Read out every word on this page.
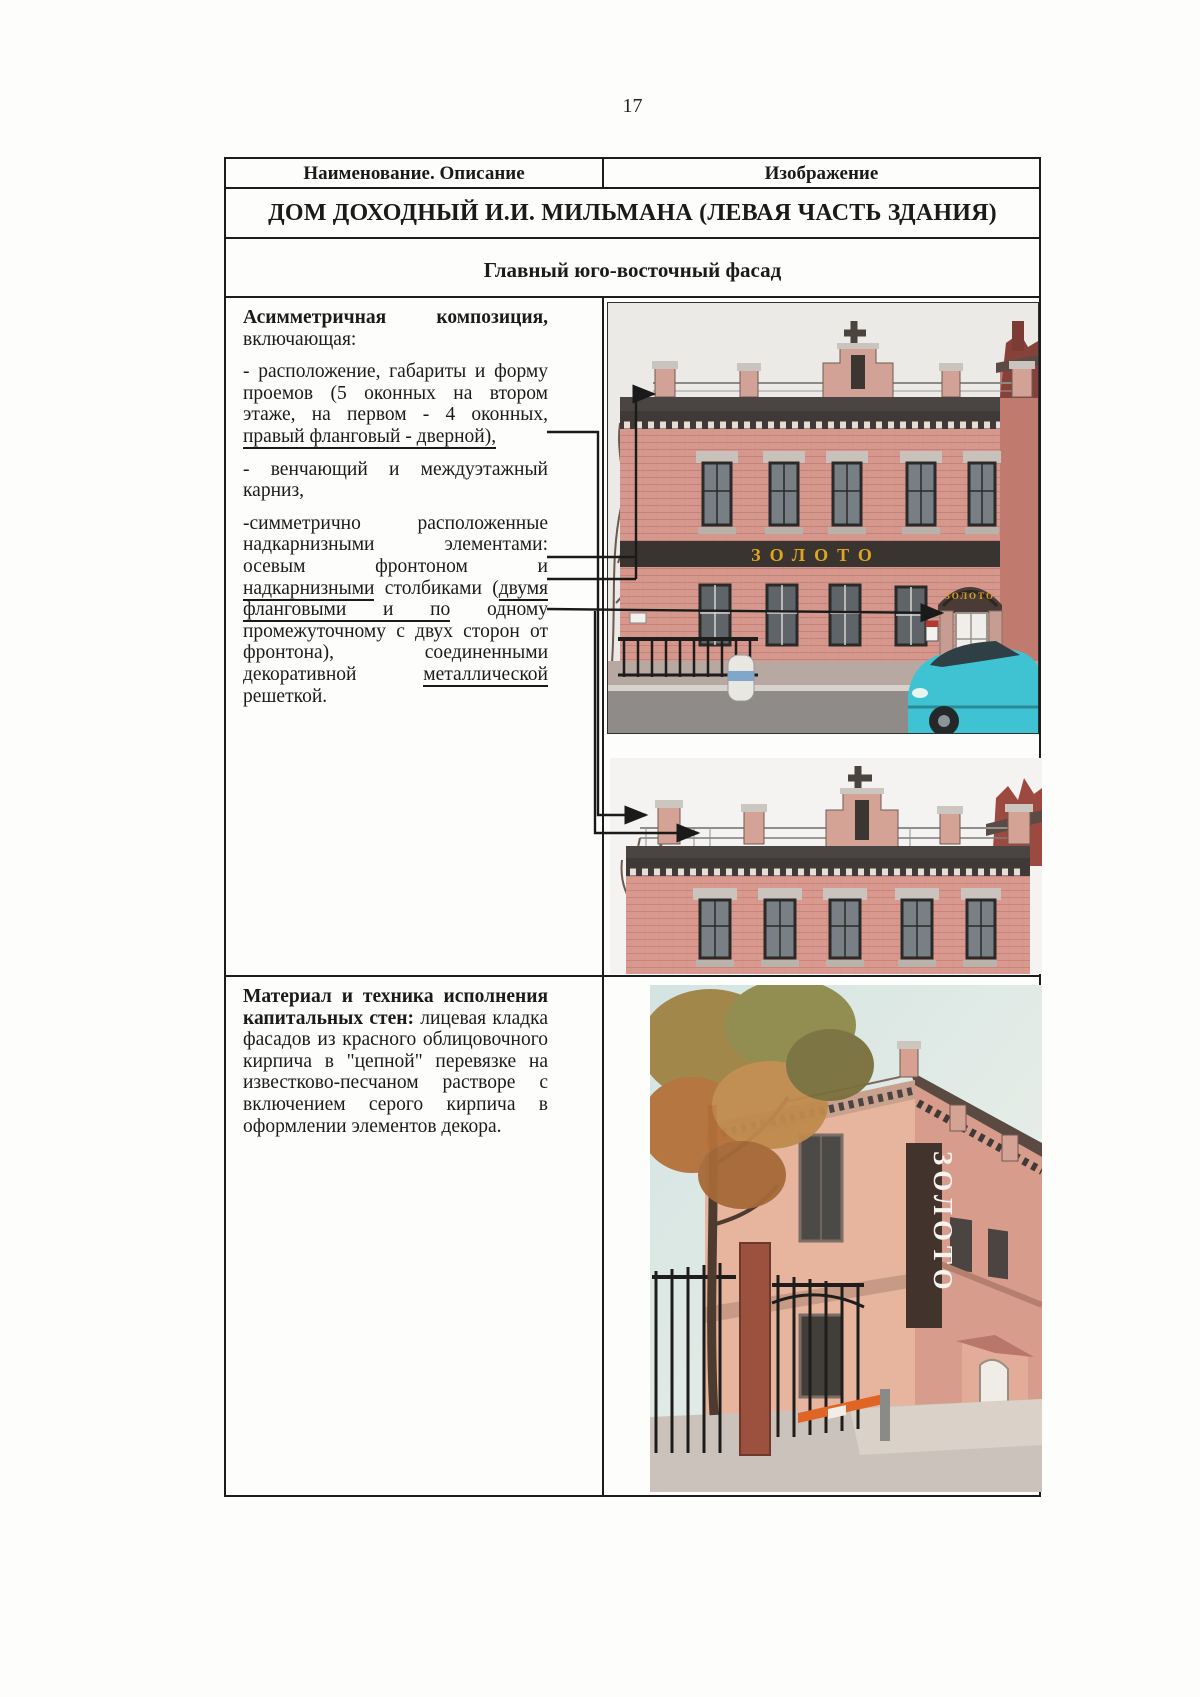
17
Наименование. Описание	Изображение
ДОМ ДОХОДНЫЙ И.И. МИЛЬМАНА (ЛЕВАЯ ЧАСТЬ ЗДАНИЯ)
Главный юго-восточный фасад

Асимметричная композиция, включающая:

- расположение, габариты и форму проемов (5 оконных на втором этаже, на первом - 4 оконных, правый фланговый - дверной),

- венчающий и междуэтажный карниз,

-симметрично расположенные надкарнизными элементами: осевым фронтоном и надкарнизными столбиками (двумя фланговыми и по одному промежуточному с двух сторон от фронтона), соединенными декоративной металлической решеткой.

Материал и техника исполнения капитальных стен: лицевая кладка фасадов из красного облицовочного кирпича в "цепной" перевязке на известково-песчаном растворе с включением серого кирпича в оформлении элементов декора.

ЗОЛОТО
ЗОЛОТО
ЗОЛОТО
